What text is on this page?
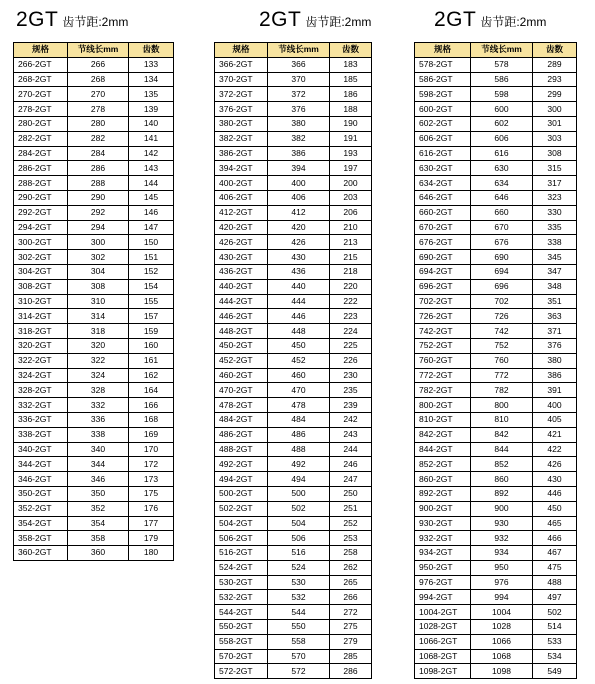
2GT 齿节距:2mm
规格	节线长mm	齿数
266-2GT	266	133
268-2GT	268	134
270-2GT	270	135
278-2GT	278	139
280-2GT	280	140
282-2GT	282	141
284-2GT	284	142
286-2GT	286	143
288-2GT	288	144
290-2GT	290	145
292-2GT	292	146
294-2GT	294	147
300-2GT	300	150
302-2GT	302	151
304-2GT	304	152
308-2GT	308	154
310-2GT	310	155
314-2GT	314	157
318-2GT	318	159
320-2GT	320	160
322-2GT	322	161
324-2GT	324	162
328-2GT	328	164
332-2GT	332	166
336-2GT	336	168
338-2GT	338	169
340-2GT	340	170
344-2GT	344	172
346-2GT	346	173
350-2GT	350	175
352-2GT	352	176
354-2GT	354	177
358-2GT	358	179
360-2GT	360	180
2GT 齿节距:2mm
规格	节线长mm	齿数
366-2GT	366	183
370-2GT	370	185
372-2GT	372	186
376-2GT	376	188
380-2GT	380	190
382-2GT	382	191
386-2GT	386	193
394-2GT	394	197
400-2GT	400	200
406-2GT	406	203
412-2GT	412	206
420-2GT	420	210
426-2GT	426	213
430-2GT	430	215
436-2GT	436	218
440-2GT	440	220
444-2GT	444	222
446-2GT	446	223
448-2GT	448	224
450-2GT	450	225
452-2GT	452	226
460-2GT	460	230
470-2GT	470	235
478-2GT	478	239
484-2GT	484	242
486-2GT	486	243
488-2GT	488	244
492-2GT	492	246
494-2GT	494	247
500-2GT	500	250
502-2GT	502	251
504-2GT	504	252
506-2GT	506	253
516-2GT	516	258
524-2GT	524	262
530-2GT	530	265
532-2GT	532	266
544-2GT	544	272
550-2GT	550	275
558-2GT	558	279
570-2GT	570	285
572-2GT	572	286
2GT 齿节距:2mm
规格	节线长mm	齿数
578-2GT	578	289
586-2GT	586	293
598-2GT	598	299
600-2GT	600	300
602-2GT	602	301
606-2GT	606	303
616-2GT	616	308
630-2GT	630	315
634-2GT	634	317
646-2GT	646	323
660-2GT	660	330
670-2GT	670	335
676-2GT	676	338
690-2GT	690	345
694-2GT	694	347
696-2GT	696	348
702-2GT	702	351
726-2GT	726	363
742-2GT	742	371
752-2GT	752	376
760-2GT	760	380
772-2GT	772	386
782-2GT	782	391
800-2GT	800	400
810-2GT	810	405
842-2GT	842	421
844-2GT	844	422
852-2GT	852	426
860-2GT	860	430
892-2GT	892	446
900-2GT	900	450
930-2GT	930	465
932-2GT	932	466
934-2GT	934	467
950-2GT	950	475
976-2GT	976	488
994-2GT	994	497
1004-2GT	1004	502
1028-2GT	1028	514
1066-2GT	1066	533
1068-2GT	1068	534
1098-2GT	1098	549
